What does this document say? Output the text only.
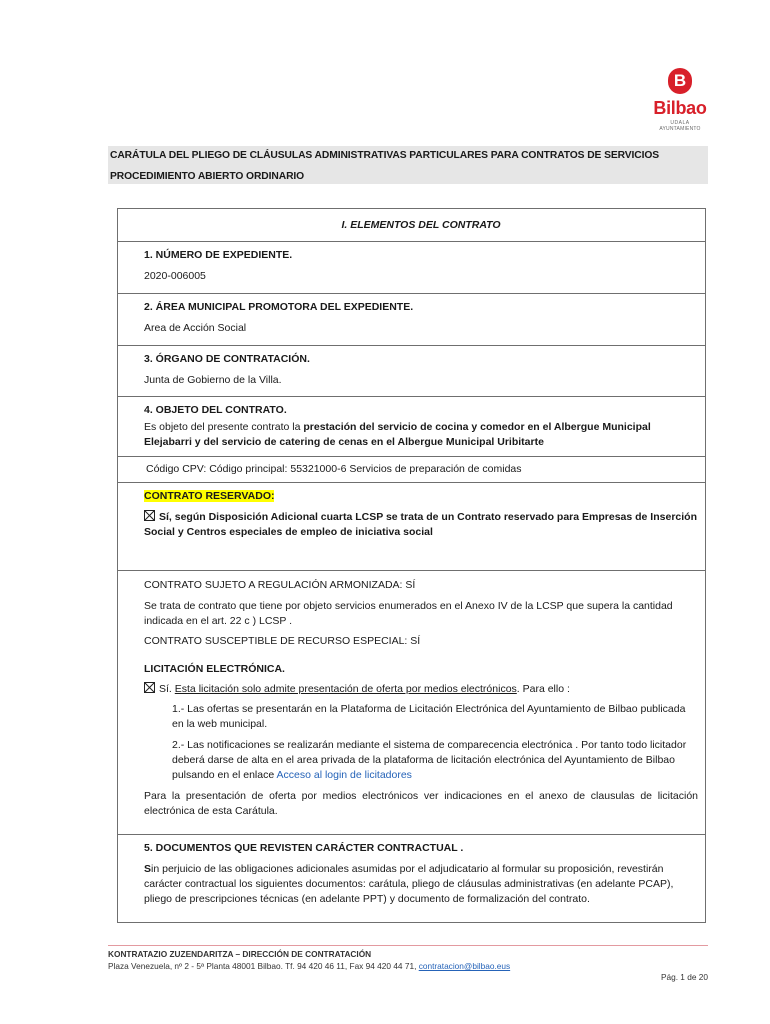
B
Bilbao
UDALA
AYUNTAMIENTO
CARÁTULA DEL PLIEGO DE CLÁUSULAS ADMINISTRATIVAS PARTICULARES PARA CONTRATOS DE SERVICIOS
PROCEDIMIENTO ABIERTO ORDINARIO
I. ELEMENTOS DEL CONTRATO

1. NÚMERO DE EXPEDIENTE.

2020-006005

2. ÁREA MUNICIPAL PROMOTORA DEL EXPEDIENTE.

Area de Acción Social

3. ÓRGANO DE CONTRATACIÓN.

Junta de Gobierno de la Villa.

4. OBJETO DEL CONTRATO.

Es objeto del presente contrato la prestación del servicio de cocina y comedor en el Albergue Municipal Elejabarri y del servicio de catering de cenas en el Albergue Municipal Uribitarte

Código CPV: Código principal: 55321000-6 Servicios de preparación de comidas

CONTRATO RESERVADO:

Sí, según Disposición Adicional cuarta LCSP se trata de un Contrato reservado para Empresas de Inserción Social y Centros especiales de empleo de iniciativa social

CONTRATO SUJETO A REGULACIÓN ARMONIZADA: SÍ

Se trata de contrato que tiene por objeto servicios enumerados en el Anexo IV de la LCSP que supera la cantidad indicada en el art. 22 c ) LCSP .

CONTRATO SUSCEPTIBLE DE RECURSO ESPECIAL: SÍ

LICITACIÓN ELECTRÓNICA.

Sí. Esta licitación solo admite presentación de oferta por medios electrónicos. Para ello :

1.- Las ofertas se presentarán en la Plataforma de Licitación Electrónica del Ayuntamiento de Bilbao publicada en la web municipal.

2.- Las notificaciones se realizarán mediante el sistema de comparecencia electrónica . Por tanto todo licitador deberá darse de alta en el area privada de la plataforma de licitación electrónica del Ayuntamiento de Bilbao pulsando en el enlace Acceso al login de licitadores

Para la presentación de oferta por medios electrónicos ver indicaciones en el anexo de clausulas de licitación electrónica de esta Carátula.

5. DOCUMENTOS QUE REVISTEN CARÁCTER CONTRACTUAL .

Sin perjuicio de las obligaciones adicionales asumidas por el adjudicatario al formular su proposición, revestirán carácter contractual los siguientes documentos: carátula, pliego de cláusulas administrativas (en adelante PCAP), pliego de prescripciones técnicas (en adelante PPT) y documento de formalización del contrato.

KONTRATAZIO ZUZENDARITZA – DIRECCIÓN DE CONTRATACIÓN
Plaza Venezuela, nº 2 - 5ª Planta 48001 Bilbao. Tf. 94 420 46 11, Fax 94 420 44 71, contratacion@bilbao.eus
Pág. 1 de 20
